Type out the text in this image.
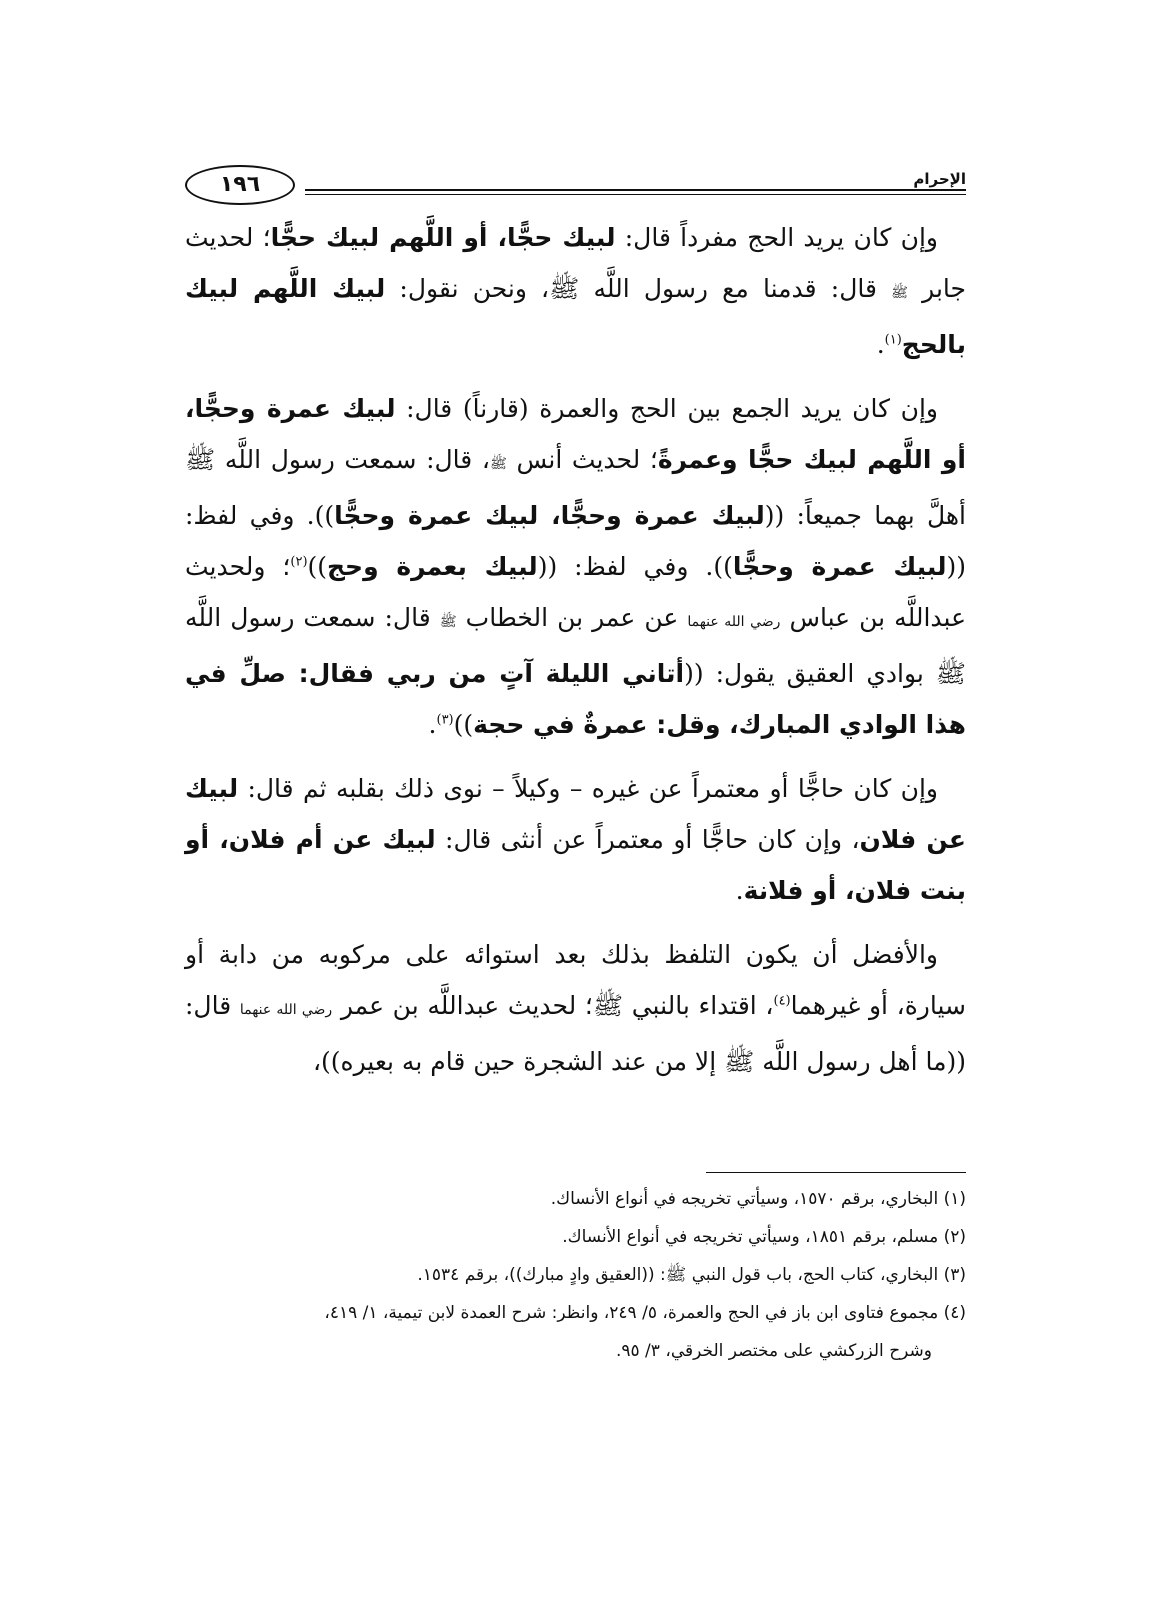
الإحرام
١٩٦

وإن كان يريد الحج مفرداً قال: لبيك حجًّا، أو اللَّهم لبيك حجًّا؛ لحديث جابر ﷺ قال: قدمنا مع رسول اللَّه ﷺ، ونحن نقول: لبيك اللَّهم لبيك بالحج$^{(١)}$.

وإن كان يريد الجمع بين الحج والعمرة (قارناً) قال: لبيك عمرة وحجًّا، أو اللَّهم لبيك حجًّا وعمرةً؛ لحديث أنس ﷺ، قال: سمعت رسول اللَّه ﷺ أهلَّ بهما جميعاً: ((لبيك عمرة وحجًّا، لبيك عمرة وحجًّا)). وفي لفظ: ((لبيك عمرة وحجًّا)). وفي لفظ: ((لبيك بعمرة وحج))$^{(٢)}$؛ ولحديث عبداللَّه بن عباس رضي الله عنهما عن عمر بن الخطاب ﷺ قال: سمعت رسول اللَّه ﷺ بوادي العقيق يقول: ((أتاني الليلة آتٍ من ربي فقال: صلِّ في هذا الوادي المبارك، وقل: عمرةٌ في حجة))$^{(٣)}$.

وإن كان حاجًّا أو معتمراً عن غيره – وكيلاً – نوى ذلك بقلبه ثم قال: لبيك عن فلان، وإن كان حاجًّا أو معتمراً عن أنثى قال: لبيك عن أم فلان، أو بنت فلان، أو فلانة.

والأفضل أن يكون التلفظ بذلك بعد استوائه على مركوبه من دابة أو سيارة، أو غيرهما$^{(٤)}$، اقتداء بالنبي ﷺ؛ لحديث عبداللَّه بن عمر رضي الله عنهما قال: ((ما أهل رسول اللَّه ﷺ إلا من عند الشجرة حين قام به بعيره))،

(١) البخاري، برقم ١٥٧٠، وسيأتي تخريجه في أنواع الأنساك.

(٢) مسلم، برقم ١٨٥١، وسيأتي تخريجه في أنواع الأنساك.

(٣) البخاري، كتاب الحج، باب قول النبي ﷺ: ((العقيق وادٍ مبارك))، برقم ١٥٣٤.

(٤) مجموع فتاوى ابن باز في الحج والعمرة، ٥/ ٢٤٩، وانظر: شرح العمدة لابن تيمية، ١/ ٤١٩،

وشرح الزركشي على مختصر الخرقي، ٣/ ٩٥.
